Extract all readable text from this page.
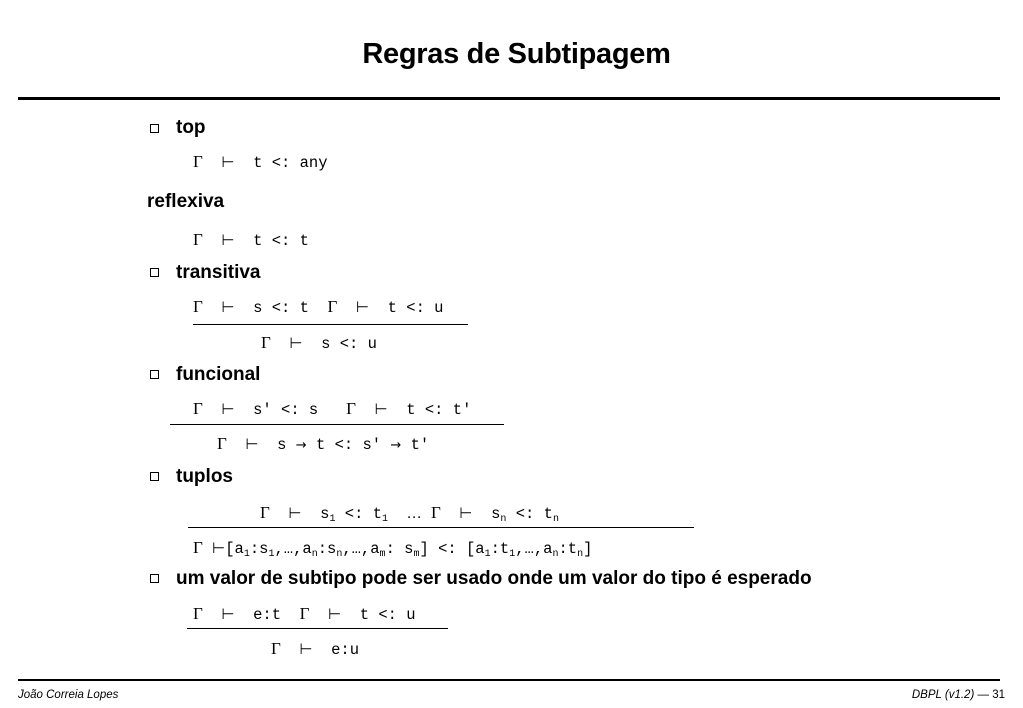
Regras de Subtipagem
top
Γ ⊢ t <: any
reflexiva
Γ ⊢ t <: t
transitiva
Γ ⊢ s <: t Γ ⊢ t <: u
Γ ⊢ s <: u
funcional
Γ ⊢ s' <: s Γ ⊢ t <: t'
Γ ⊢ s → t <: s' → t'
tuplos
Γ ⊢ $s_1$ <: $t_1$ … Γ ⊢ $s_n$ <: $t_n$
Γ $⊢[a_1:s_1,\dots,a_n:s_n,\dots,a_m$: $s_m$] <: $[a_1:t_1,\dots,a_n:t_n]$
um valor de subtipo pode ser usado onde um valor do tipo é esperado
Γ ⊢ e:t Γ ⊢ t <: u
Γ ⊢ e:u
João Correia Lopes	DBPL (v1.2) — 31
